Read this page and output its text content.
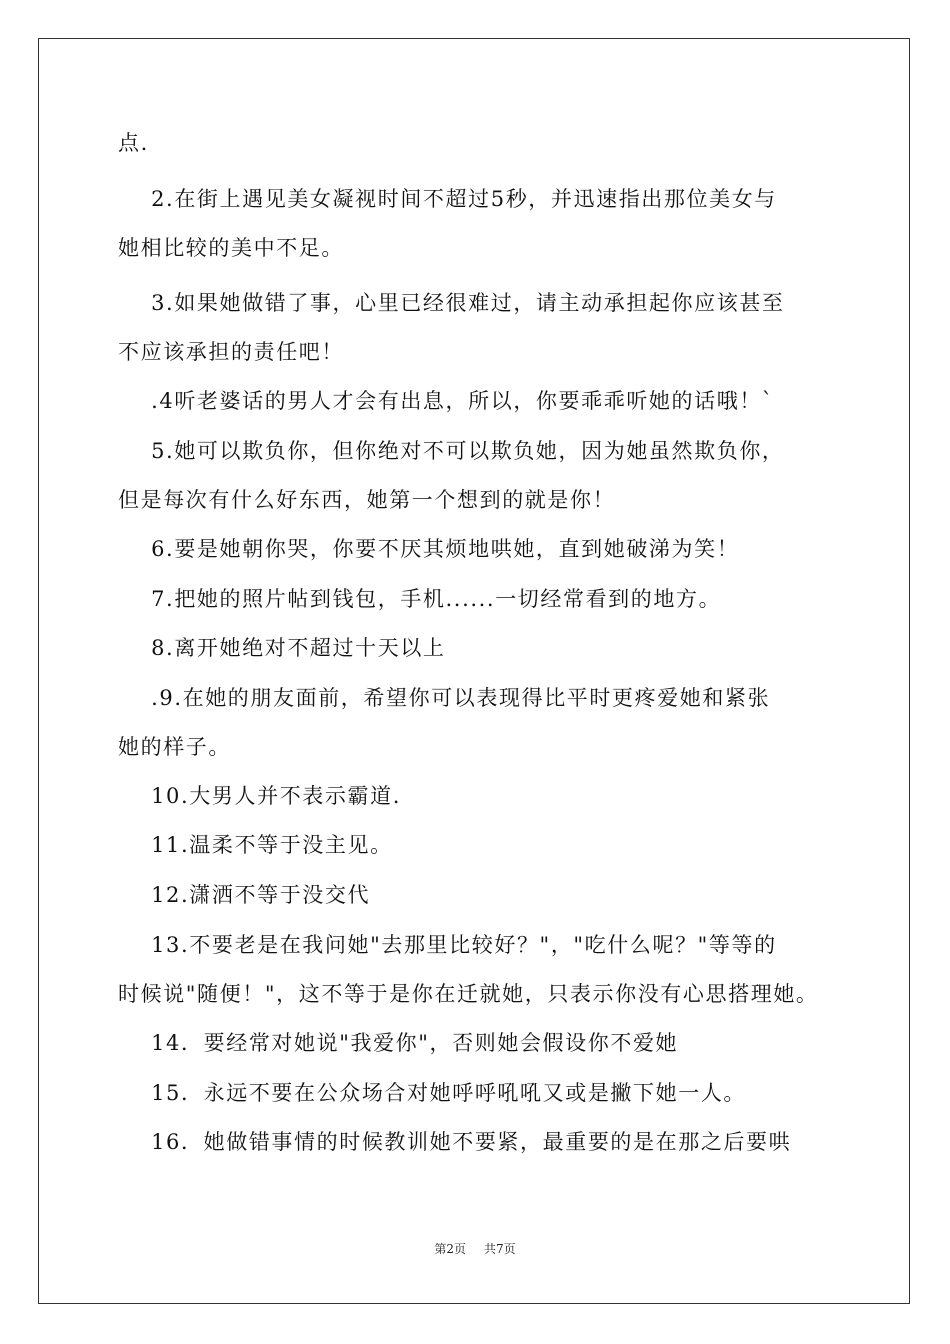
点.
2.在街上遇见美女凝视时间不超过5秒，并迅速指出那位美女与
她相比较的美中不足。
3.如果她做错了事，心里已经很难过，请主动承担起你应该甚至
不应该承担的责任吧！
.4听老婆话的男人才会有出息，所以，你要乖乖听她的话哦！`
5.她可以欺负你，但你绝对不可以欺负她，因为她虽然欺负你，
但是每次有什么好东西，她第一个想到的就是你！
6.要是她朝你哭，你要不厌其烦地哄她，直到她破涕为笑！
7.把她的照片帖到钱包，手机......一切经常看到的地方。
8.离开她绝对不超过十天以上
.9.在她的朋友面前，希望你可以表现得比平时更疼爱她和紧张
她的样子。
10.大男人并不表示霸道.
11.温柔不等于没主见。
12.潇洒不等于没交代
13.不要老是在我问她"去那里比较好？"，"吃什么呢？"等等的
时候说"随便！"，这不等于是你在迁就她，只表示你没有心思搭理她。
14．要经常对她说"我爱你"，否则她会假设你不爱她
15．永远不要在公众场合对她呼呼吼吼又或是撇下她一人。
16．她做错事情的时候教训她不要紧，最重要的是在那之后要哄
第2页 共7页
